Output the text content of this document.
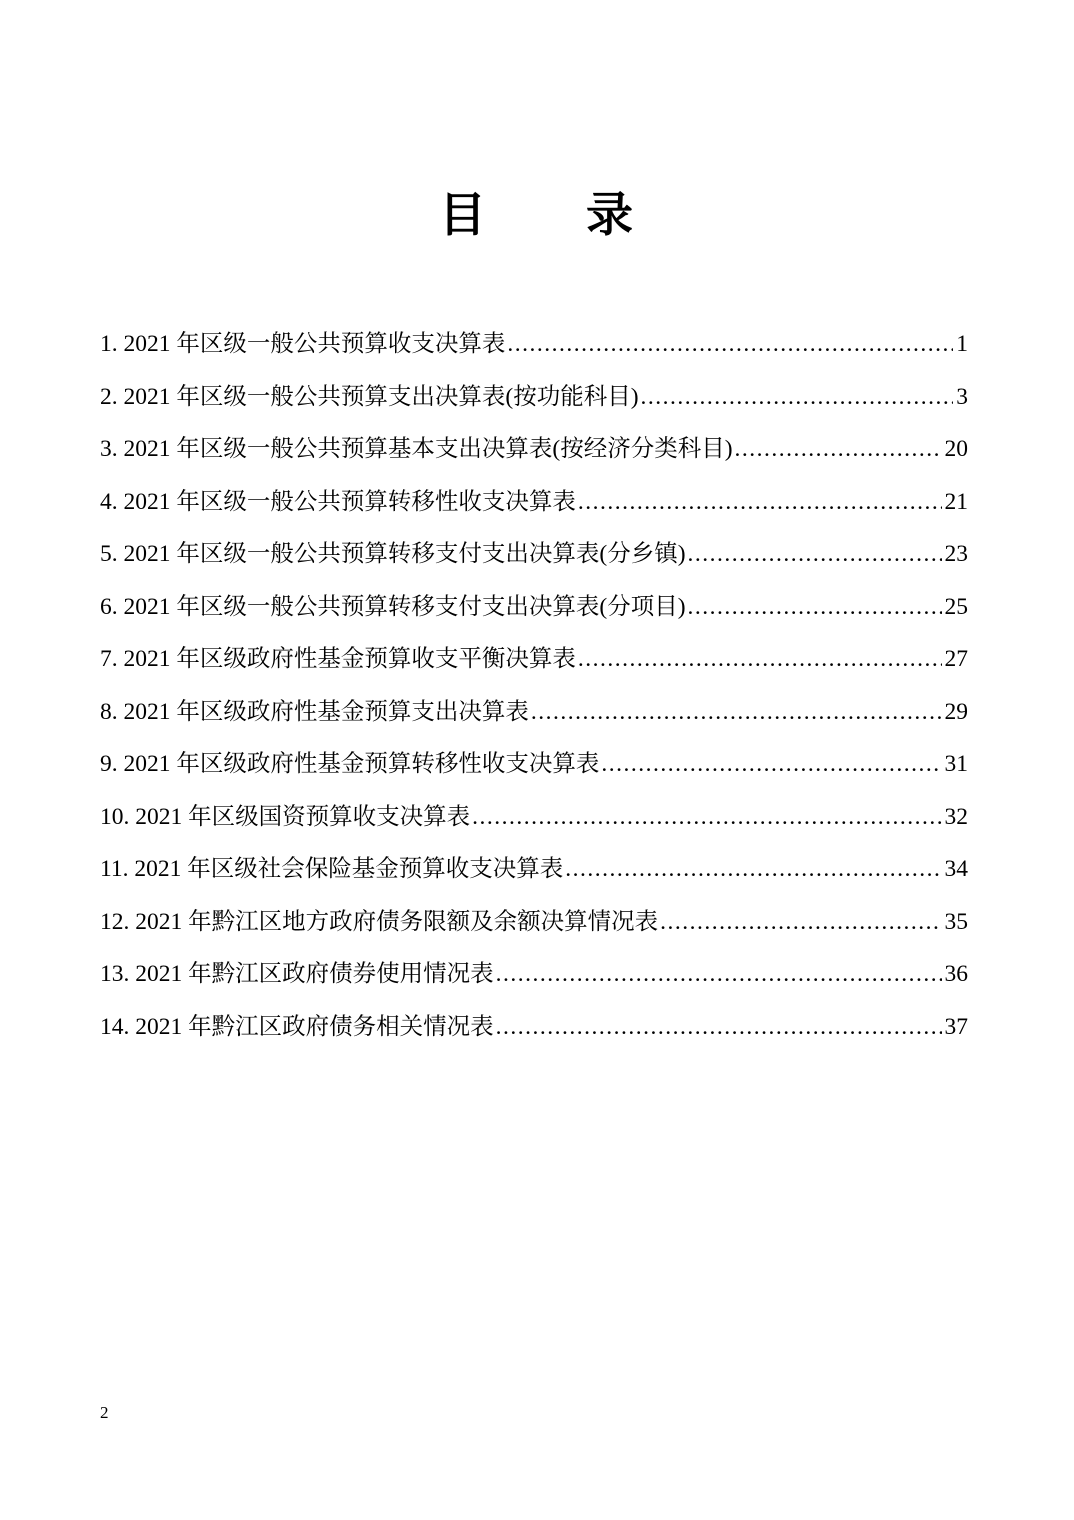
目　　录
1. 2021 年区级一般公共预算收支决算表 .....	1
2. 2021 年区级一般公共预算支出决算表(按功能科目) .....	3
3. 2021 年区级一般公共预算基本支出决算表(按经济分类科目) .....	20
4. 2021 年区级一般公共预算转移性收支决算表 .....	21
5. 2021 年区级一般公共预算转移支付支出决算表(分乡镇) .....	23
6. 2021 年区级一般公共预算转移支付支出决算表(分项目) .....	25
7. 2021 年区级政府性基金预算收支平衡决算表 .....	27
8. 2021 年区级政府性基金预算支出决算表 .....	29
9. 2021 年区级政府性基金预算转移性收支决算表 .....	31
10. 2021 年区级国资预算收支决算表 .....	32
11. 2021 年区级社会保险基金预算收支决算表 .....	34
12. 2021 年黔江区地方政府债务限额及余额决算情况表 .....	35
13. 2021 年黔江区政府债券使用情况表 .....	36
14. 2021 年黔江区政府债务相关情况表 .....	37
2
